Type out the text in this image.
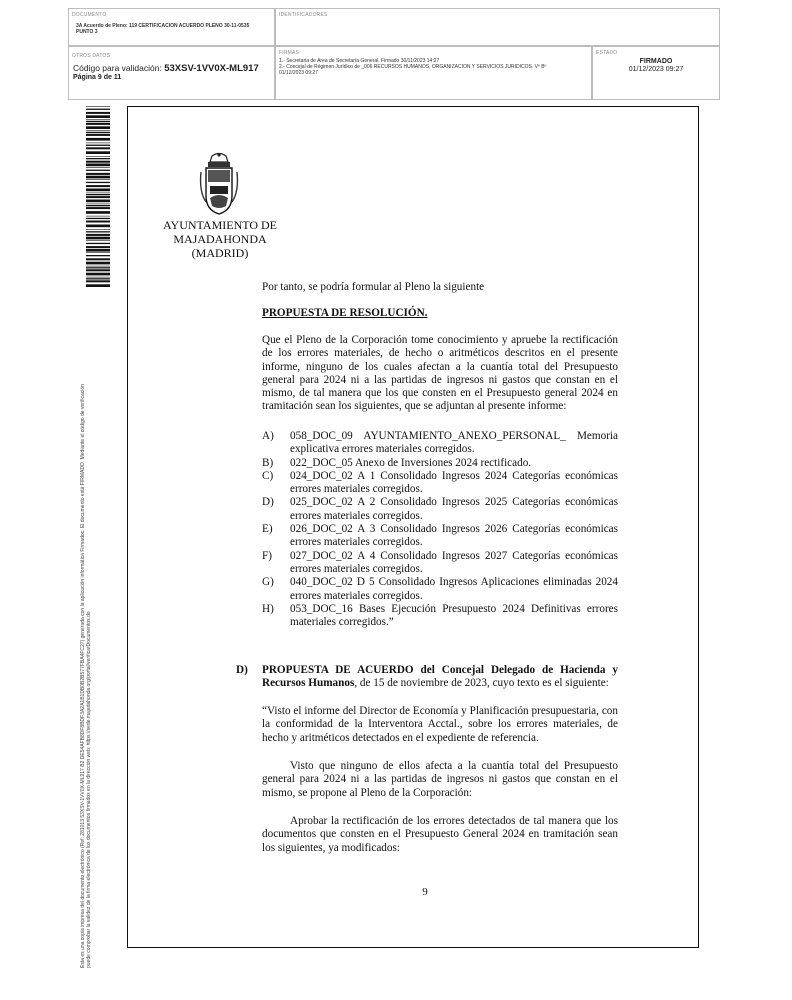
DOCUMENTO
3A Acuerdo de Pleno: 119 CERTIFICACION ACUERDO PLENO 30-11-0535
PUNTO 3
IDENTIFICADORES
OTROS DATOS
Código para validación: 53XSV-1VV0X-ML917
Página 9 de 11
FIRMAS
1.- Secretaria de Area de Secretaría General. Firmado 30/11/2023 14:27
2.- Concejal de Régimen Jurídico de _006 RECURSOS HUMANOS, ORGANIZACIÓN Y SERVICIOS JURIDICOS. Vº Bº
01/12/2023 09:27
ESTADO
FIRMADO
01/12/2023 09:27
Esta es una copia impresa del documento electrónico (Ref: 281013 53XSV-1VV0X-ML917 B2 DE54AFB8DF8BDF3A2A1B1DB0B2B577FBA4FC27) generada con la aplicación informática Firmadoc. El documento está FIRMADO. Mediante el código de verificación puede comprobar la validez de la firma electrónica de los documentos firmados en la dirección web: https://sede.majadahonda.org/portal/verificarDocumentos.do
AYUNTAMIENTO DE
MAJADAHONDA
(MADRID)
Por tanto, se podría formular al Pleno la siguiente
PROPUESTA DE RESOLUCIÓN.
Que el Pleno de la Corporación tome conocimiento y apruebe la rectificación de los errores materiales, de hecho o aritméticos descritos en el presente informe, ninguno de los cuales afectan a la cuantía total del Presupuesto general para 2024 ni a las partidas de ingresos ni gastos que constan en el mismo, de tal manera que los que consten en el Presupuesto general 2024 en tramitación sean los siguientes, que se adjuntan al presente informe:
A) 058_DOC_09 AYUNTAMIENTO_ANEXO_PERSONAL_ Memoria explicativa errores materiales corregidos.
B) 022_DOC_05 Anexo de Inversiones 2024 rectificado.
C) 024_DOC_02 A 1 Consolidado Ingresos 2024 Categorías económicas errores materiales corregidos.
D) 025_DOC_02 A 2 Consolidado Ingresos 2025 Categorías económicas errores materiales corregidos.
E) 026_DOC_02 A 3 Consolidado Ingresos 2026 Categorías económicas errores materiales corregidos.
F) 027_DOC_02 A 4 Consolidado Ingresos 2027 Categorías económicas errores materiales corregidos.
G) 040_DOC_02 D 5 Consolidado Ingresos Aplicaciones eliminadas 2024 errores materiales corregidos.
H) 053_DOC_16 Bases Ejecución Presupuesto 2024 Definitivas errores materiales corregidos.”
D)	PROPUESTA DE ACUERDO del Concejal Delegado de Hacienda y Recursos Humanos, de 15 de noviembre de 2023, cuyo texto es el siguiente:
“Visto el informe del Director de Economía y Planificación presupuestaria, con la conformidad de la Interventora Acctal., sobre los errores materiales, de hecho y aritméticos detectados en el expediente de referencia.
Visto que ninguno de ellos afecta a la cuantía total del Presupuesto general para 2024 ni a las partidas de ingresos ni gastos que constan en el mismo, se propone al Pleno de la Corporación:
Aprobar la rectificación de los errores detectados de tal manera que los documentos que consten en el Presupuesto General 2024 en tramitación sean los siguientes, ya modificados:
9
